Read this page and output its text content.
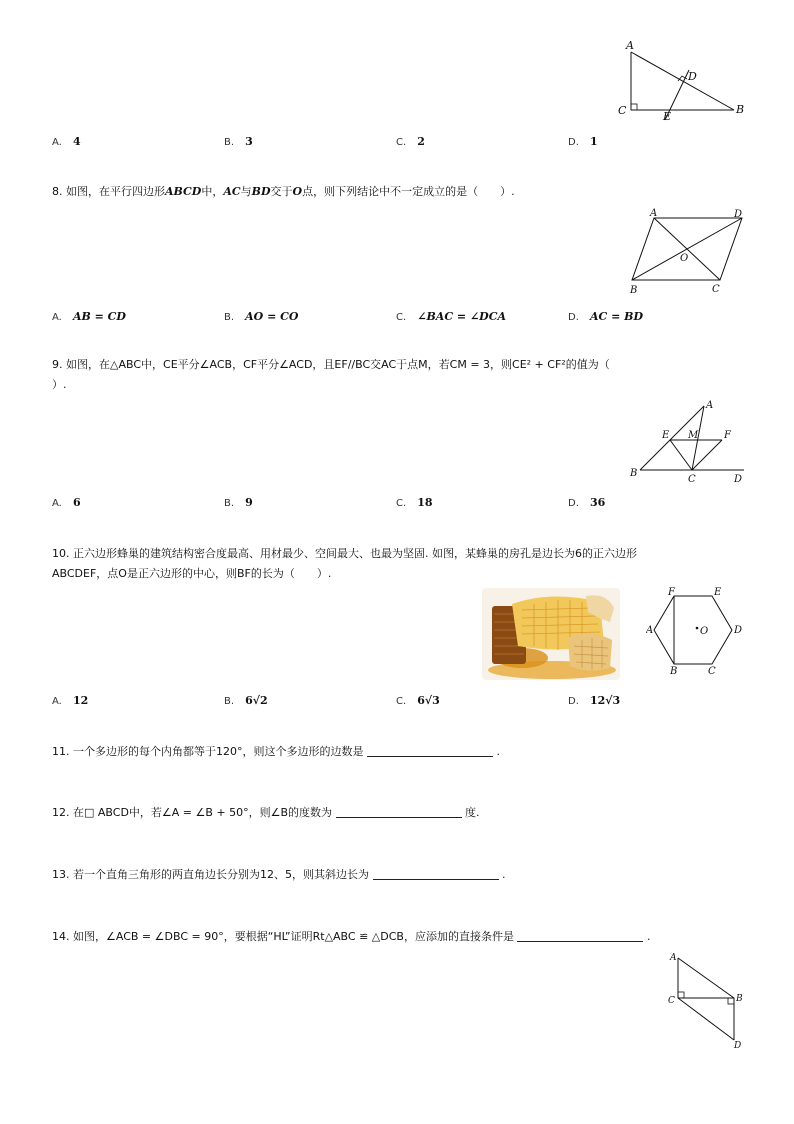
A
B
C
D
E
A. 4	B. 3	C. 2	D. 1
8. 如图，在平行四边形ABCD中，AC与BD交于O点，则下列结论中不一定成立的是（　　）.
A	D
B	C
O
A. AB = CD	B. AO = CO	C. ∠BAC = ∠DCA	D. AC = BD
9. 如图，在△ABC中，CE平分∠ACB，CF平分∠ACD，且EF//BC交AC于点M，若CM = 3，则CE² + CF²的值为（
）.
A
B
C	D
E	F
M
A. 6	B. 9	C. 18	D. 36
10. 正六边形蜂巢的建筑结构密合度最高、用材最少、空间最大、也最为坚固. 如图，某蜂巢的房孔是边长为6的正六边形
ABCDEF，点O是正六边形的中心，则BF的长为（　　）.
F	E
D
C
B
A	O
A. 12	B. 6√2	C. 6√3	D. 12√3
11. 一个多边形的每个内角都等于120°，则这个多边形的边数是	.
12. 在□ ABCD中，若∠A = ∠B + 50°，则∠B的度数为	度.
13. 若一个直角三角形的两直角边长分别为12、5，则其斜边长为	.
14. 如图，∠ACB = ∠DBC = 90°，要根据“HL”证明Rt△ABC ≌ △DCB，应添加的直接条件是	.
A
B
C
D
